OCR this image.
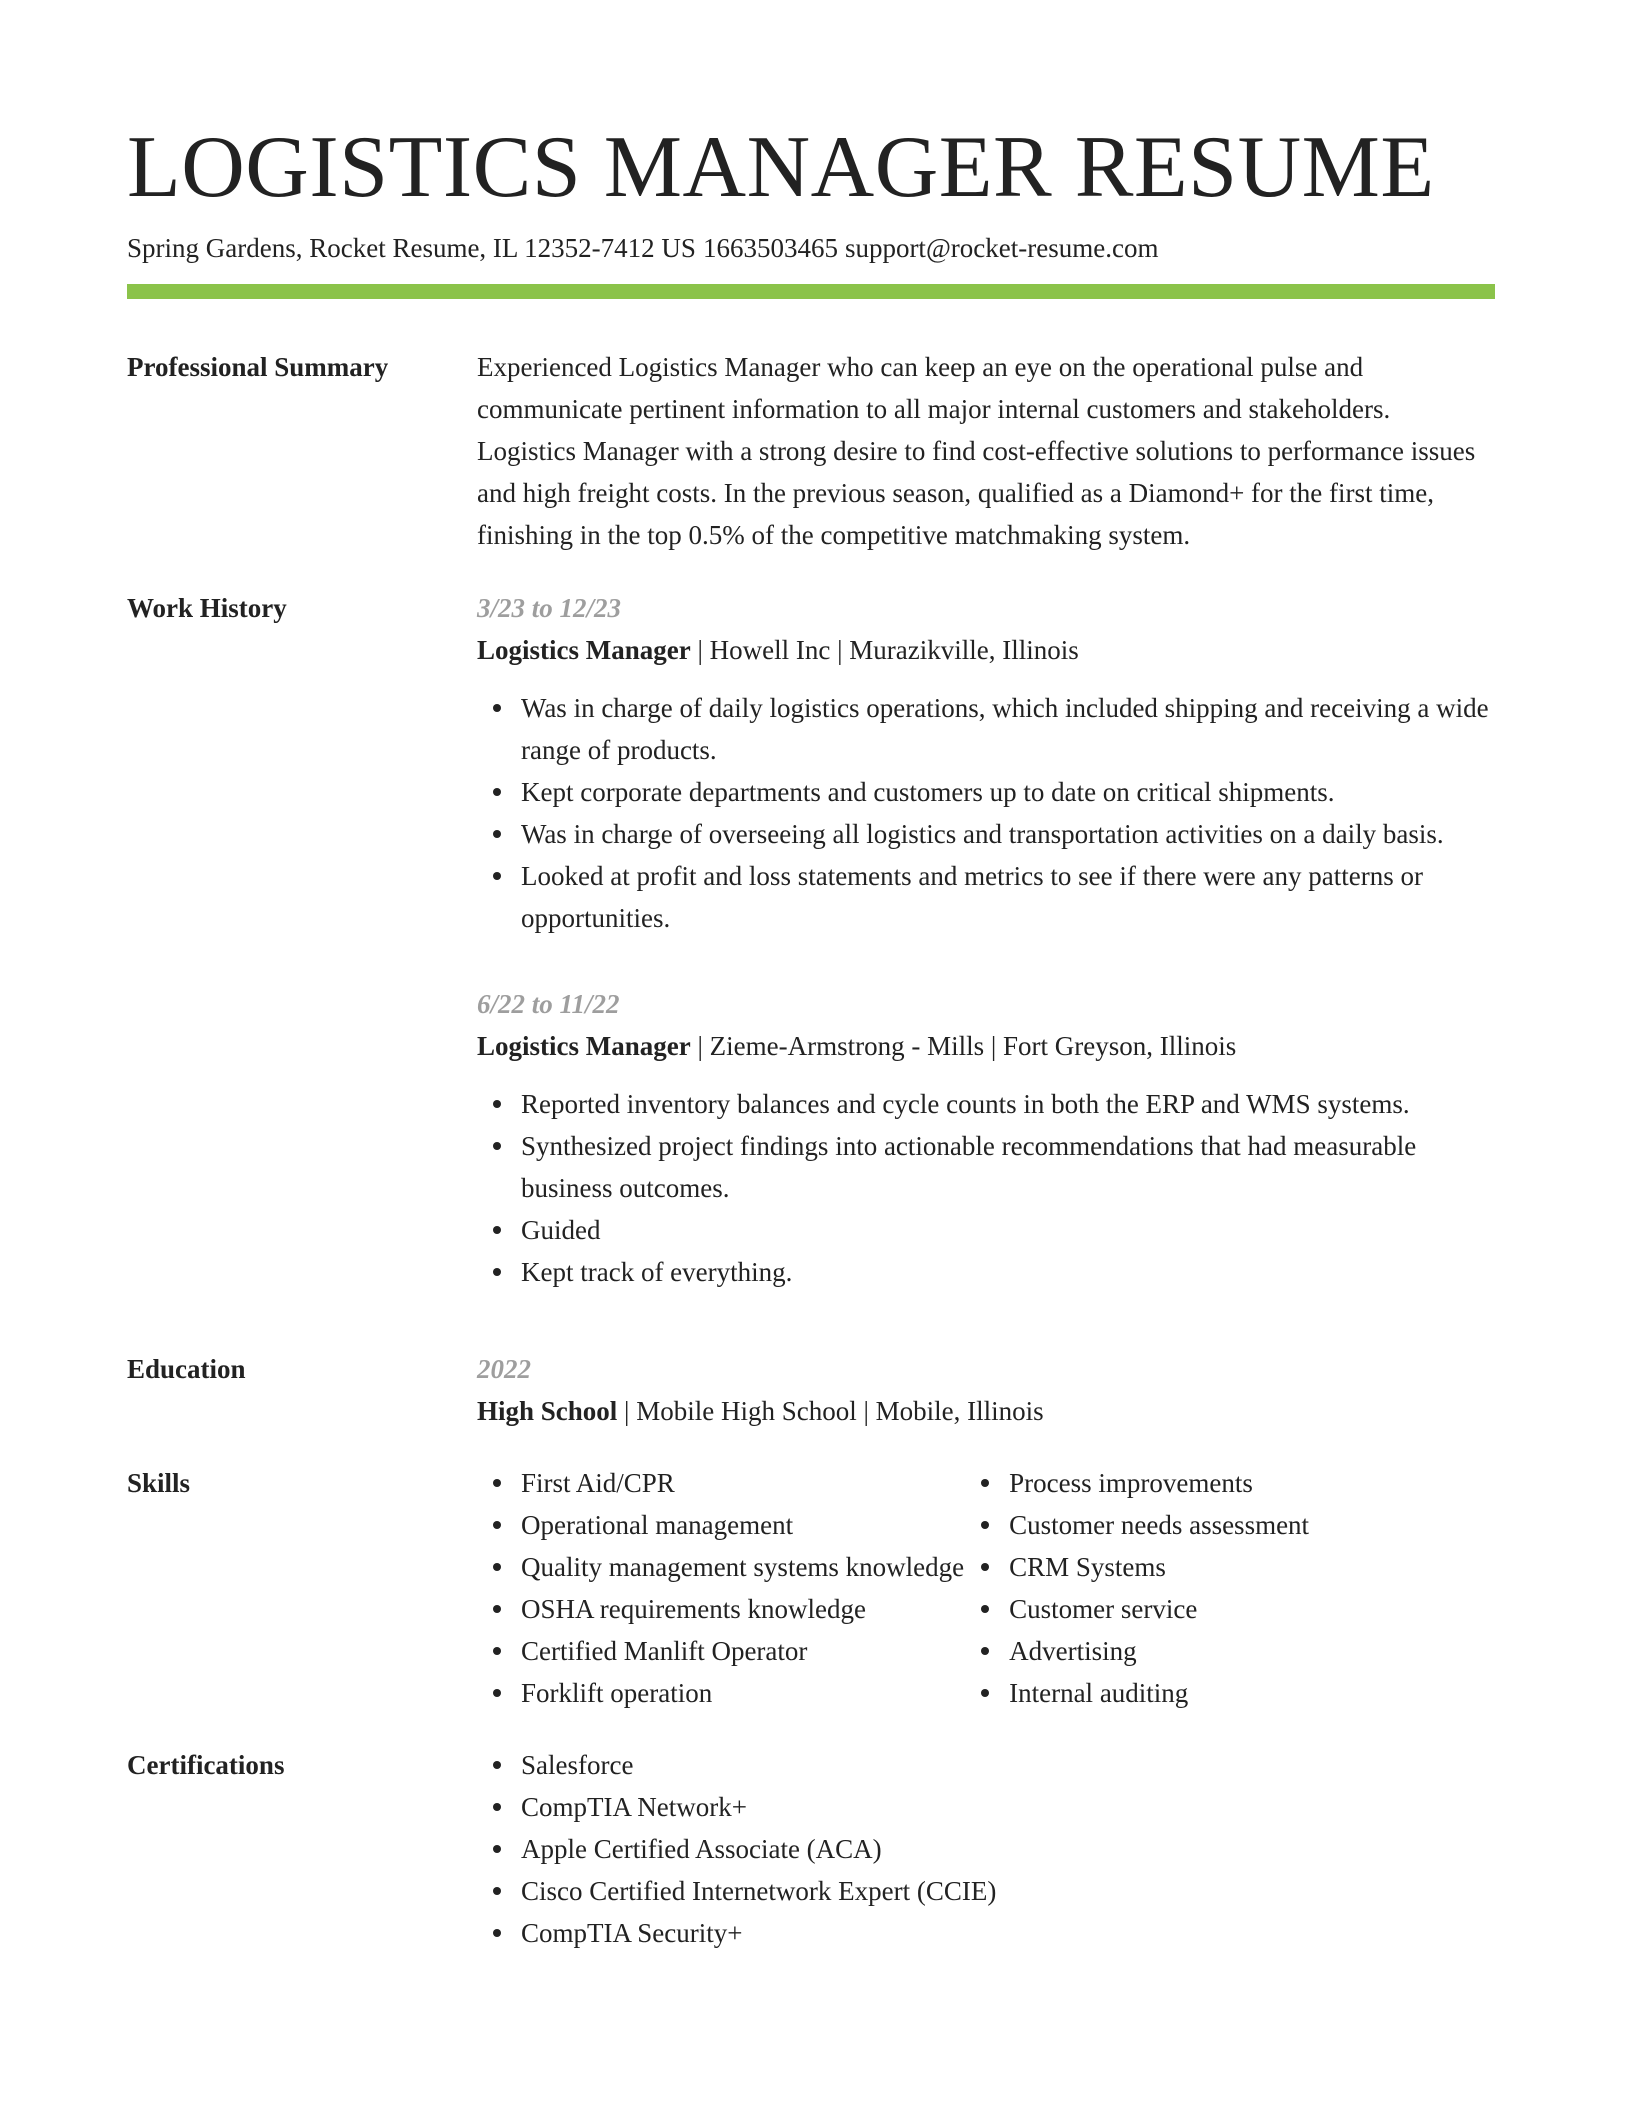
LOGISTICS MANAGER RESUME
Spring Gardens, Rocket Resume, IL 12352-7412 US 1663503465 support@rocket-resume.com
Professional Summary	Experienced Logistics Manager who can keep an eye on the operational pulse and communicate pertinent information to all major internal customers and stakeholders. Logistics Manager with a strong desire to find cost-effective solutions to performance issues and high freight costs. In the previous season, qualified as a Diamond+ for the first time, finishing in the top 0.5% of the competitive matchmaking system.

Work History	3/23 to 12/23
Logistics Manager | Howell Inc | Murazikville, Illinois
Was in charge of daily logistics operations, which included shipping and receiving a wide range of products.
Kept corporate departments and customers up to date on critical shipments.
Was in charge of overseeing all logistics and transportation activities on a daily basis.
Looked at profit and loss statements and metrics to see if there were any patterns or opportunities.
6/22 to 11/22
Logistics Manager | Zieme-Armstrong - Mills | Fort Greyson, Illinois
Reported inventory balances and cycle counts in both the ERP and WMS systems.
Synthesized project findings into actionable recommendations that had measurable business outcomes.
Guided
Kept track of everything.
Education	2022
High School | Mobile High School | Mobile, Illinois
Skills	First Aid/CPR
Operational management
Quality management systems knowledge
OSHA requirements knowledge
Certified Manlift Operator
Forklift operation
Process improvements
Customer needs assessment
CRM Systems
Customer service
Advertising
Internal auditing
Certifications	Salesforce
CompTIA Network+
Apple Certified Associate (ACA)
Cisco Certified Internetwork Expert (CCIE)
CompTIA Security+
